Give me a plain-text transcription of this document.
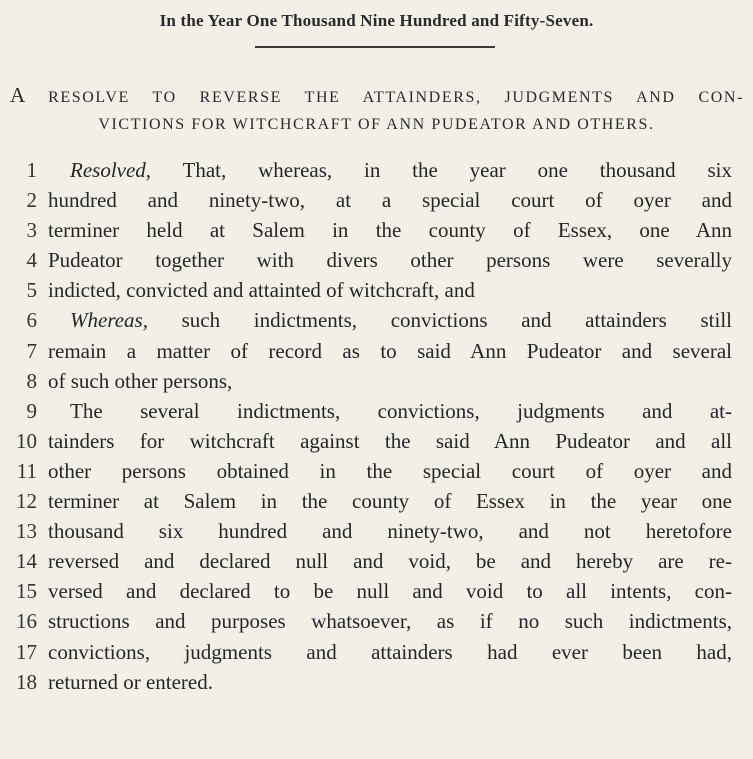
In the Year One Thousand Nine Hundred and Fifty-Seven.
A RESOLVE TO REVERSE THE ATTAINDERS, JUDGMENTS AND CON-
VICTIONS FOR WITCHCRAFT OF ANN PUDEATOR AND OTHERS.
1 Resolved, That, whereas, in the year one thousand six
2 hundred and ninety-two, at a special court of oyer and
3 terminer held at Salem in the county of Essex, one Ann
4 Pudeator together with divers other persons were severally
5 indicted, convicted and attainted of witchcraft, and
6 Whereas, such indictments, convictions and attainders still
7 remain a matter of record as to said Ann Pudeator and several
8 of such other persons,
9 The several indictments, convictions, judgments and at-
10 tainders for witchcraft against the said Ann Pudeator and all
11 other persons obtained in the special court of oyer and
12 terminer at Salem in the county of Essex in the year one
13 thousand six hundred and ninety-two, and not heretofore
14 reversed and declared null and void, be and hereby are re-
15 versed and declared to be null and void to all intents, con-
16 structions and purposes whatsoever, as if no such indictments,
17 convictions, judgments and attainders had ever been had,
18 returned or entered.
